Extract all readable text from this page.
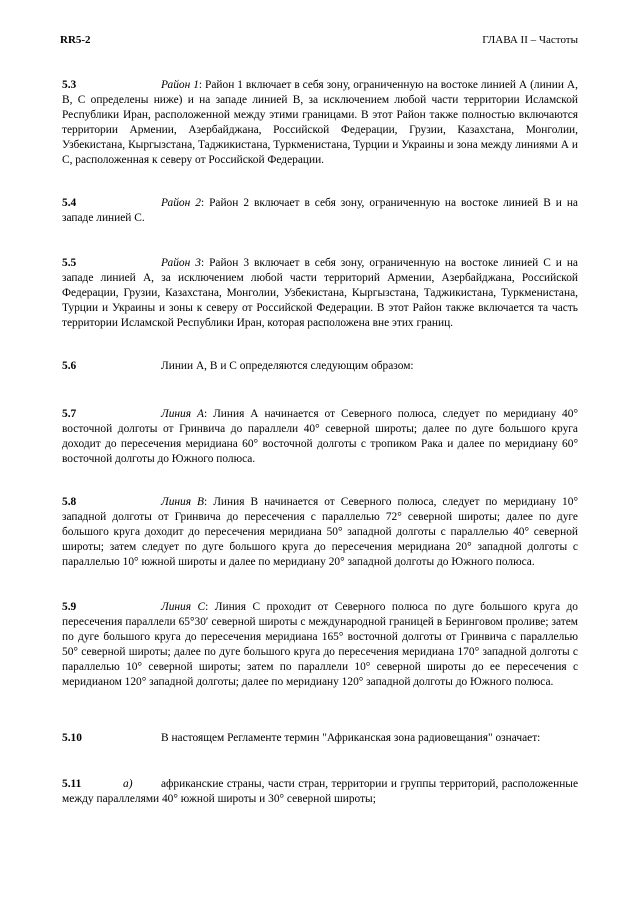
RR5-2	ГЛАВА II – Частоты

5.3	Район 1: Район 1 включает в себя зону, ограниченную на востоке линией А (линии А, В, С определены ниже) и на западе линией В, за исключением любой части территории Исламской Республики Иран, расположенной между этими границами. В этот Район также полностью включаются территории Армении, Азербайджана, Российской Федерации, Грузии, Казахстана, Монголии, Узбекистана, Кыргызстана, Таджикистана, Туркменистана, Турции и Украины и зона между линиями А и С, расположенная к северу от Российской Федерации.

5.4	Район 2: Район 2 включает в себя зону, ограниченную на востоке линией В и на западе линией С.

5.5	Район 3: Район 3 включает в себя зону, ограниченную на востоке линией С и на западе линией А, за исключением любой части территорий Армении, Азербайджана, Российской Федерации, Грузии, Казахстана, Монголии, Узбекистана, Кыргызстана, Таджикистана, Туркменистана, Турции и Украины и зоны к северу от Российской Федерации. В этот Район также включается та часть территории Исламской Республики Иран, которая расположена вне этих границ.

5.6	Линии А, В и С определяются следующим образом:

5.7	Линия А: Линия А начинается от Северного полюса, следует по меридиану 40° восточной долготы от Гринвича до параллели 40° северной широты; далее по дуге большого круга доходит до пересечения меридиана 60° восточной долготы с тропиком Рака и далее по меридиану 60° восточной долготы до Южного полюса.

5.8	Линия В: Линия В начинается от Северного полюса, следует по меридиану 10° западной долготы от Гринвича до пересечения с параллелью 72° северной широты; далее по дуге большого круга доходит до пересечения меридиана 50° западной долготы с параллелью 40° северной широты; затем следует по дуге большого круга до пересечения меридиана 20° западной долготы с параллелью 10° южной широты и далее по меридиану 20° западной долготы до Южного полюса.

5.9	Линия С: Линия С проходит от Северного полюса по дуге большого круга до пересечения параллели 65°30′ северной широты с международной границей в Беринговом проливе; затем по дуге большого круга до пересечения меридиана 165° восточной долготы от Гринвича с параллелью 50° северной широты; далее по дуге большого круга до пересечения меридиана 170° западной долготы с параллелью 10° северной широты; затем по параллели 10° северной широты до ее пересечения с меридианом 120° западной долготы; далее по меридиану 120° западной долготы до Южного полюса.

5.10	В настоящем Регламенте термин "Африканская зона радиовещания" означает:

5.11	a)	африканские страны, части стран, территории и группы территорий, расположенные между параллелями 40° южной широты и 30° северной широты;
